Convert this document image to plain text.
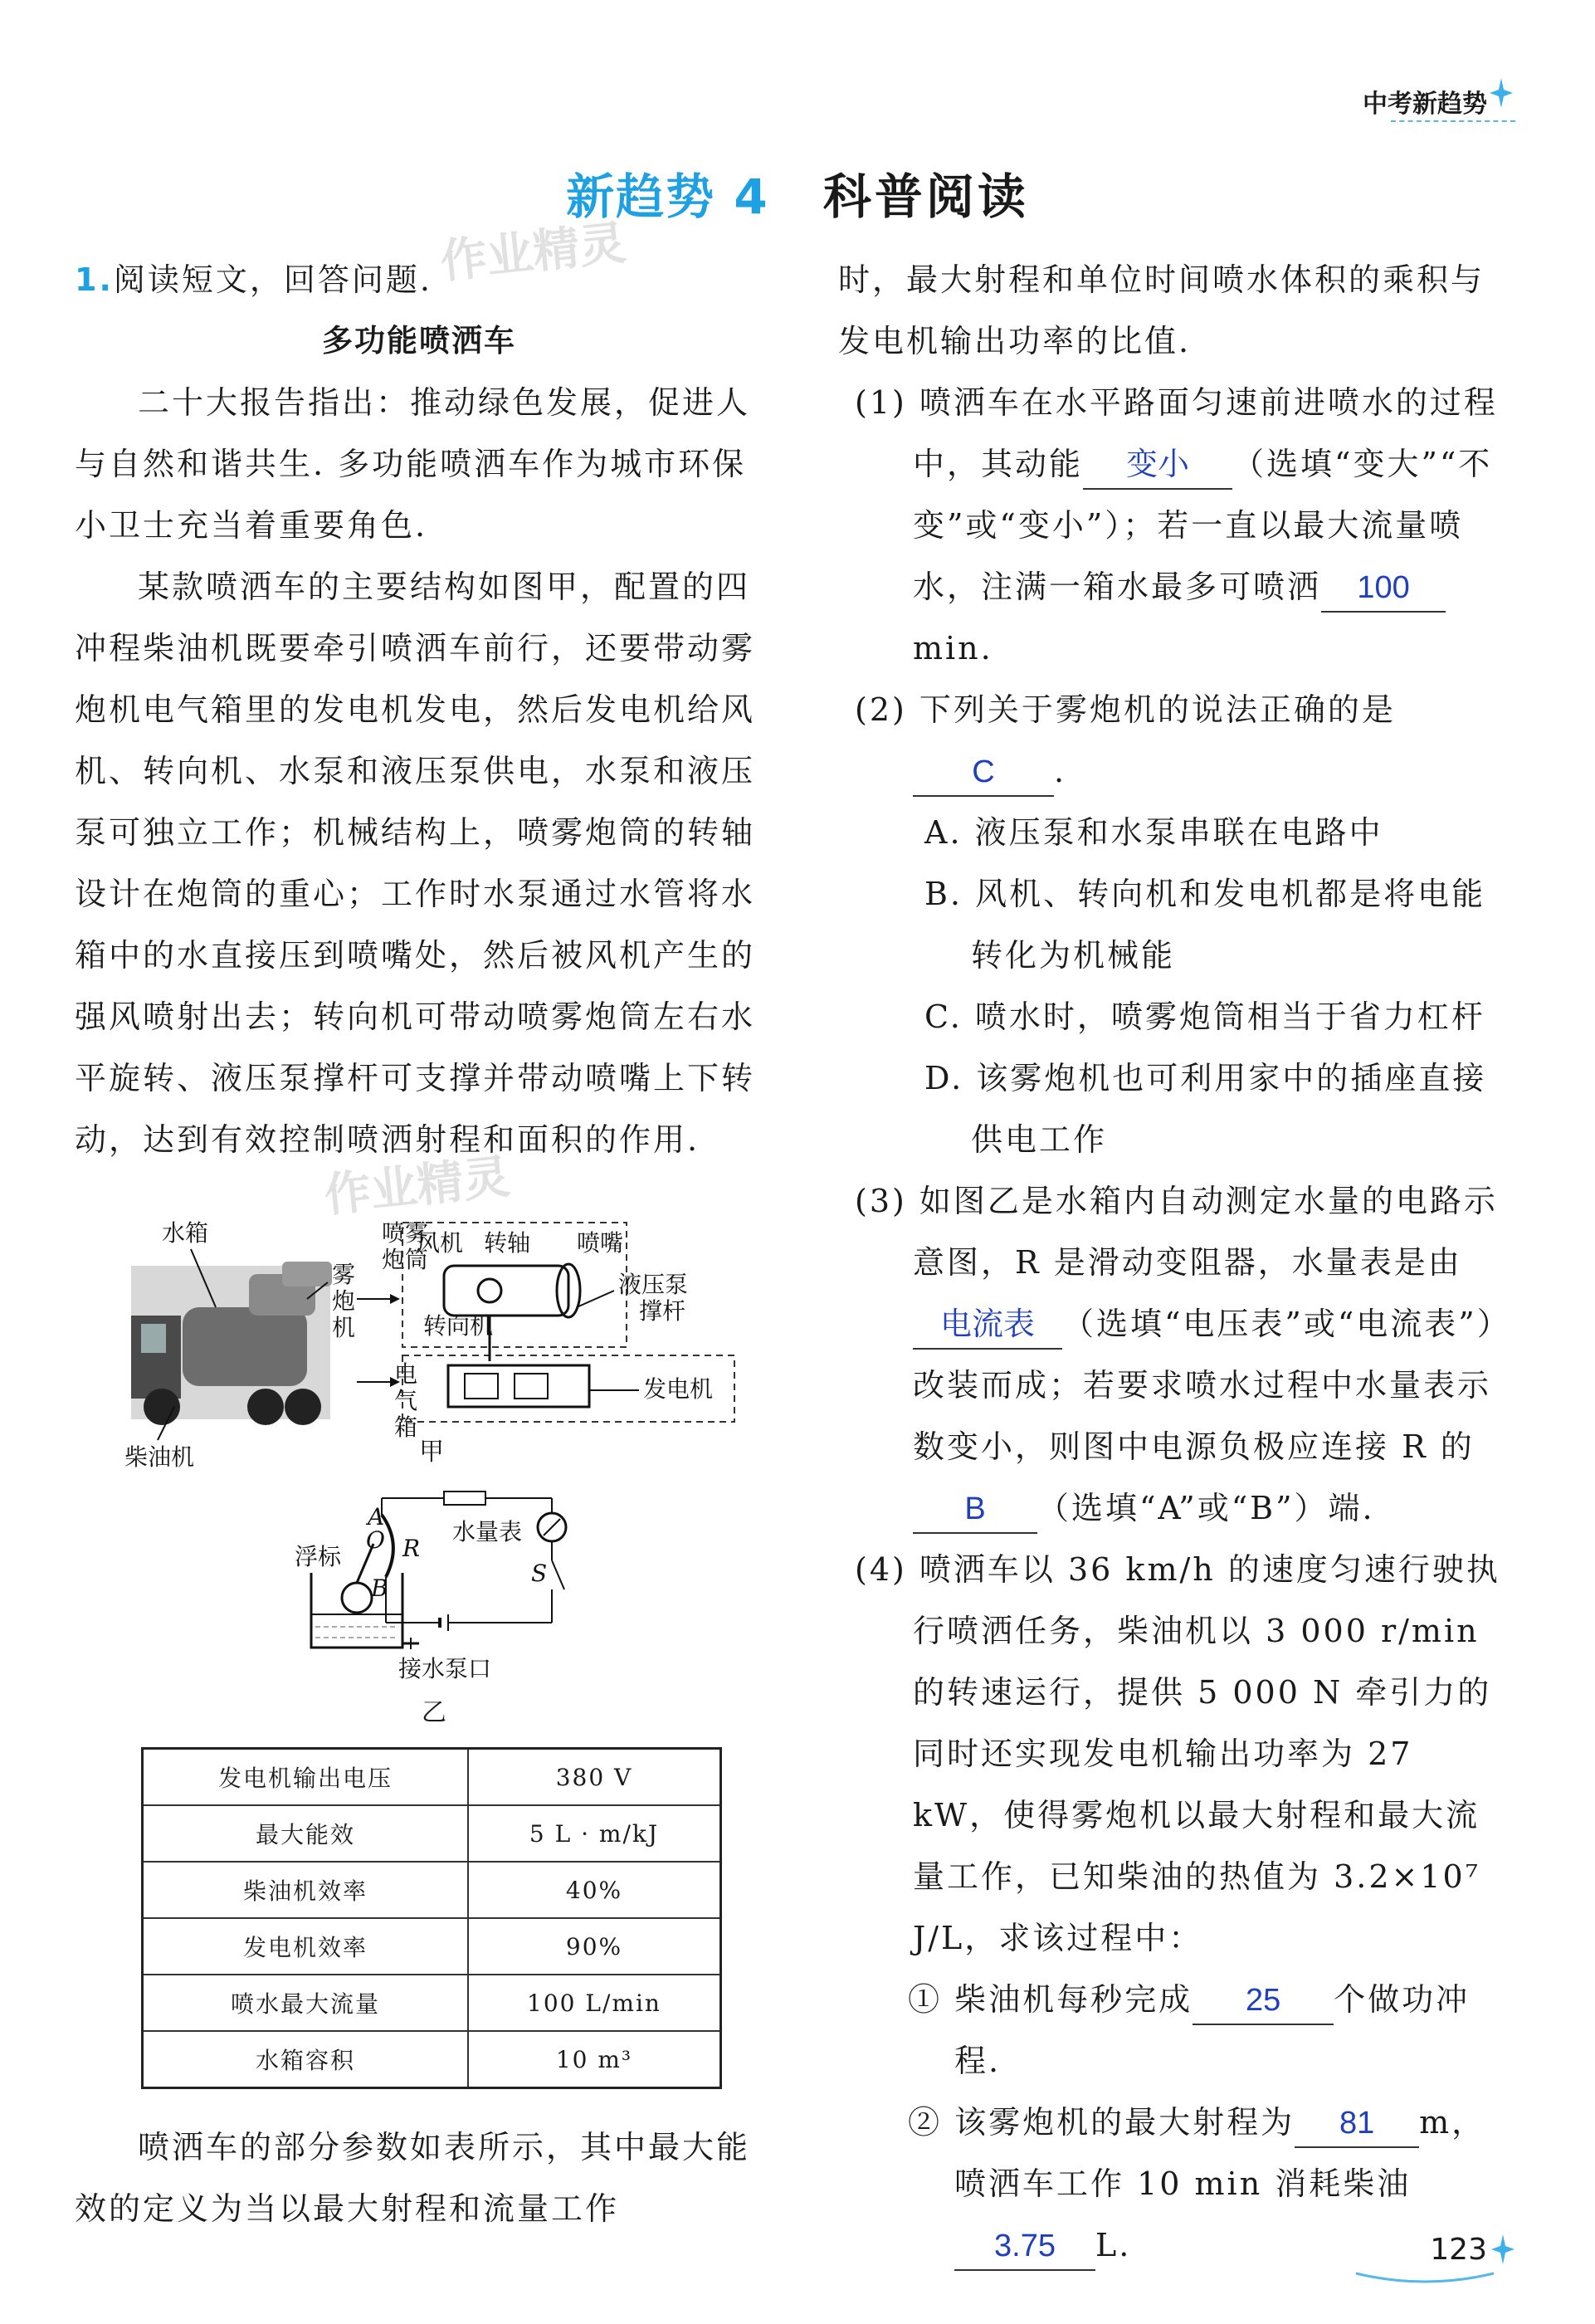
中考新趋势
新趋势 4 科普阅读
作业精灵
作业精灵

1.阅读短文，回答问题.

多功能喷洒车

二十大报告指出：推动绿色发展，促进人与自然和谐共生. 多功能喷洒车作为城市环保小卫士充当着重要角色.

某款喷洒车的主要结构如图甲，配置的四冲程柴油机既要牵引喷洒车前行，还要带动雾炮机电气箱里的发电机发电，然后发电机给风机、转向机、水泵和液压泵供电，水泵和液压泵可独立工作；机械结构上，喷雾炮筒的转轴设计在炮筒的重心；工作时水泵通过水管将水箱中的水直接压到喷嘴处，然后被风机产生的强风喷射出去；转向机可带动喷雾炮筒左右水平旋转、液压泵撑杆可支撑并带动喷嘴上下转动，达到有效控制喷洒射程和面积的作用.

水箱
柴油机
雾
炮
机
喷雾
炮筒
电
气
箱
风机 转轴 喷嘴
液压泵
撑杆
转向机
发电机
甲
浮标
A
O R
B
水量表
S
接水泵口
乙
发电机输出电压	380 V
最大能效	5 L · m/kJ
柴油机效率	40%
发电机效率	90%
喷水最大流量	100 L/min
水箱容积	10 m³

喷洒车的部分参数如表所示，其中最大能效的定义为当以最大射程和流量工作

时，最大射程和单位时间喷水体积的乘积与发电机输出功率的比值.

(1) 喷洒车在水平路面匀速前进喷水的过程中，其动能 变小 （选填“变大”“不变”或“变小”）；若一直以最大流量喷水，注满一箱水最多可喷洒 100min.

(2) 下列关于雾炮机的说法正确的是C .

A. 液压泵和水泵串联在电路中

B. 风机、转向机和发电机都是将电能转化为机械能

C. 喷水时，喷雾炮筒相当于省力杠杆

D. 该雾炮机也可利用家中的插座直接供电工作

(3) 如图乙是水箱内自动测定水量的电路示意图，R 是滑动变阻器，水量表是由电流表 （选填“电压表”或“电流表”）改装而成；若要求喷水过程中水量表示数变小，则图中电源负极应连接 R 的B （选填“A”或“B”）端.

(4) 喷洒车以 36 km/h 的速度匀速行驶执行喷洒任务，柴油机以 3 000 r/min 的转速运行，提供 5 000 N 牵引力的同时还实现发电机输出功率为 27 kW，使得雾炮机以最大射程和最大流量工作，已知柴油的热值为 3.2×10⁷ J/L，求该过程中：

① 柴油机每秒完成 25 个做功冲程.

② 该雾炮机的最大射程为 81 m，喷洒车工作 10 min 消耗柴油3.75 L.	123
